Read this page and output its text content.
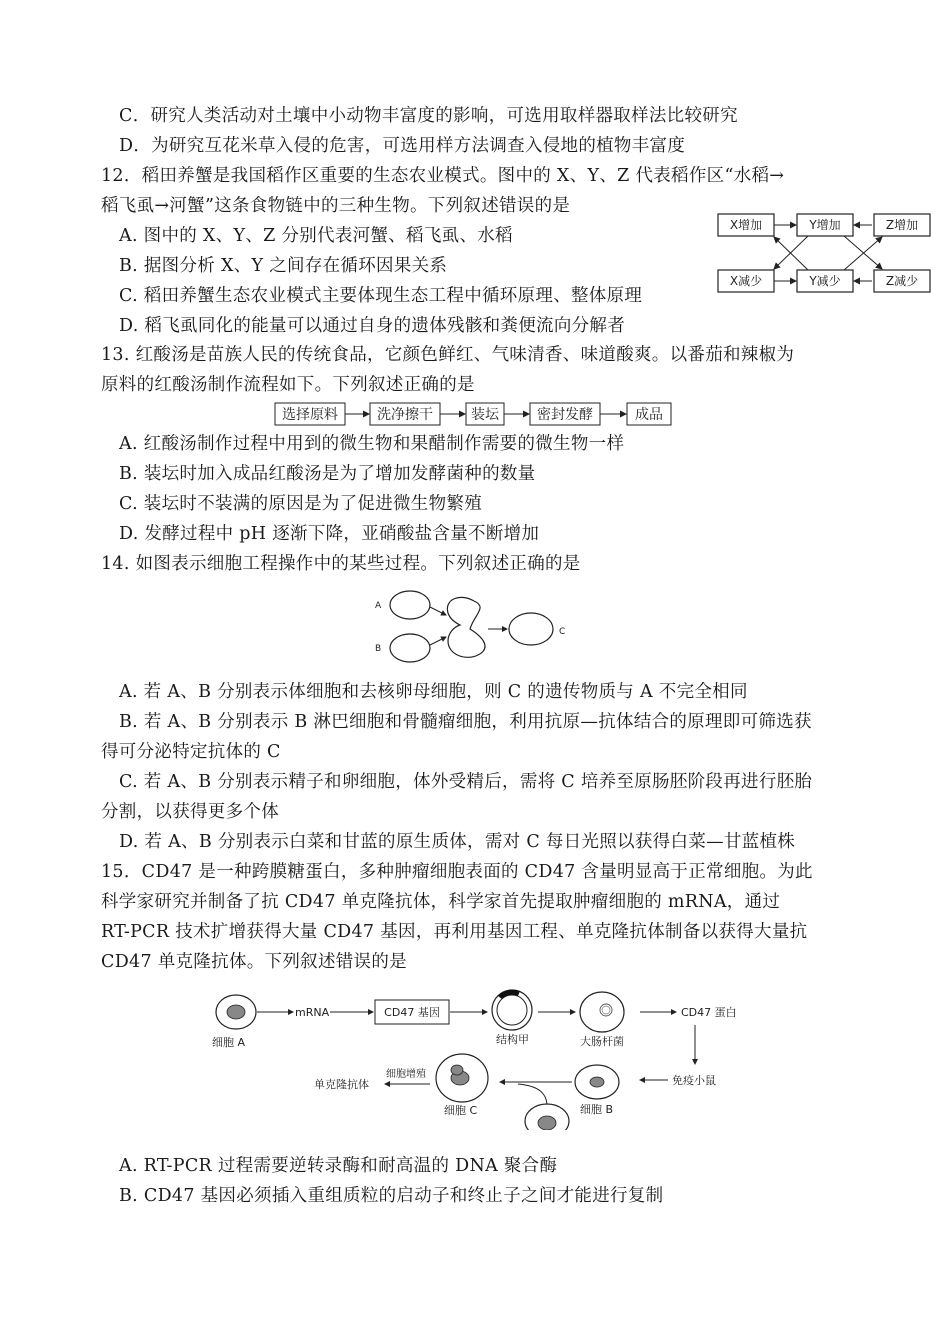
C．研究人类活动对土壤中小动物丰富度的影响，可选用取样器取样法比较研究
D．为研究互花米草入侵的危害，可选用样方法调查入侵地的植物丰富度
12．稻田养蟹是我国稻作区重要的生态农业模式。图中的 X、Y、Z 代表稻作区“水稻→
稻飞虱→河蟹”这条食物链中的三种生物。下列叙述错误的是
A. 图中的 X、Y、Z 分别代表河蟹、稻飞虱、水稻
B. 据图分析 X、Y 之间存在循环因果关系
C. 稻田养蟹生态农业模式主要体现生态工程中循环原理、整体原理
D. 稻飞虱同化的能量可以通过自身的遗体残骸和粪便流向分解者
X增加	Y增加	Z增加
X减少	Y减少	Z减少
13. 红酸汤是苗族人民的传统食品，它颜色鲜红、气味清香、味道酸爽。以番茄和辣椒为
原料的红酸汤制作流程如下。下列叙述正确的是
选择原料	洗净擦干	装坛	密封发酵	成品
A. 红酸汤制作过程中用到的微生物和果醋制作需要的微生物一样
B. 装坛时加入成品红酸汤是为了增加发酵菌种的数量
C. 装坛时不装满的原因是为了促进微生物繁殖
D. 发酵过程中 pH 逐渐下降，亚硝酸盐含量不断增加
14. 如图表示细胞工程操作中的某些过程。下列叙述正确的是
A
B
C
A. 若 A、B 分别表示体细胞和去核卵母细胞，则 C 的遗传物质与 A 不完全相同
B. 若 A、B 分别表示 B 淋巴细胞和骨髓瘤细胞，利用抗原—抗体结合的原理即可筛选获
得可分泌特定抗体的 C
C. 若 A、B 分别表示精子和卵细胞，体外受精后，需将 C 培养至原肠胚阶段再进行胚胎
分割，以获得更多个体
D. 若 A、B 分别表示白菜和甘蓝的原生质体，需对 C 每日光照以获得白菜—甘蓝植株
15．CD47 是一种跨膜糖蛋白，多种肿瘤细胞表面的 CD47 含量明显高于正常细胞。为此
科学家研究并制备了抗 CD47 单克隆抗体，科学家首先提取肿瘤细胞的 mRNA，通过
RT-PCR 技术扩增获得大量 CD47 基因，再利用基因工程、单克隆抗体制备以获得大量抗
CD47 单克隆抗体。下列叙述错误的是
细胞 A
mRNA	CD47 基因
结构甲	大肠杆菌
CD47 蛋白
免疫小鼠
细胞 B
细胞 C
细胞增殖
单克隆抗体
A. RT-PCR 过程需要逆转录酶和耐高温的 DNA 聚合酶
B. CD47 基因必须插入重组质粒的启动子和终止子之间才能进行复制
